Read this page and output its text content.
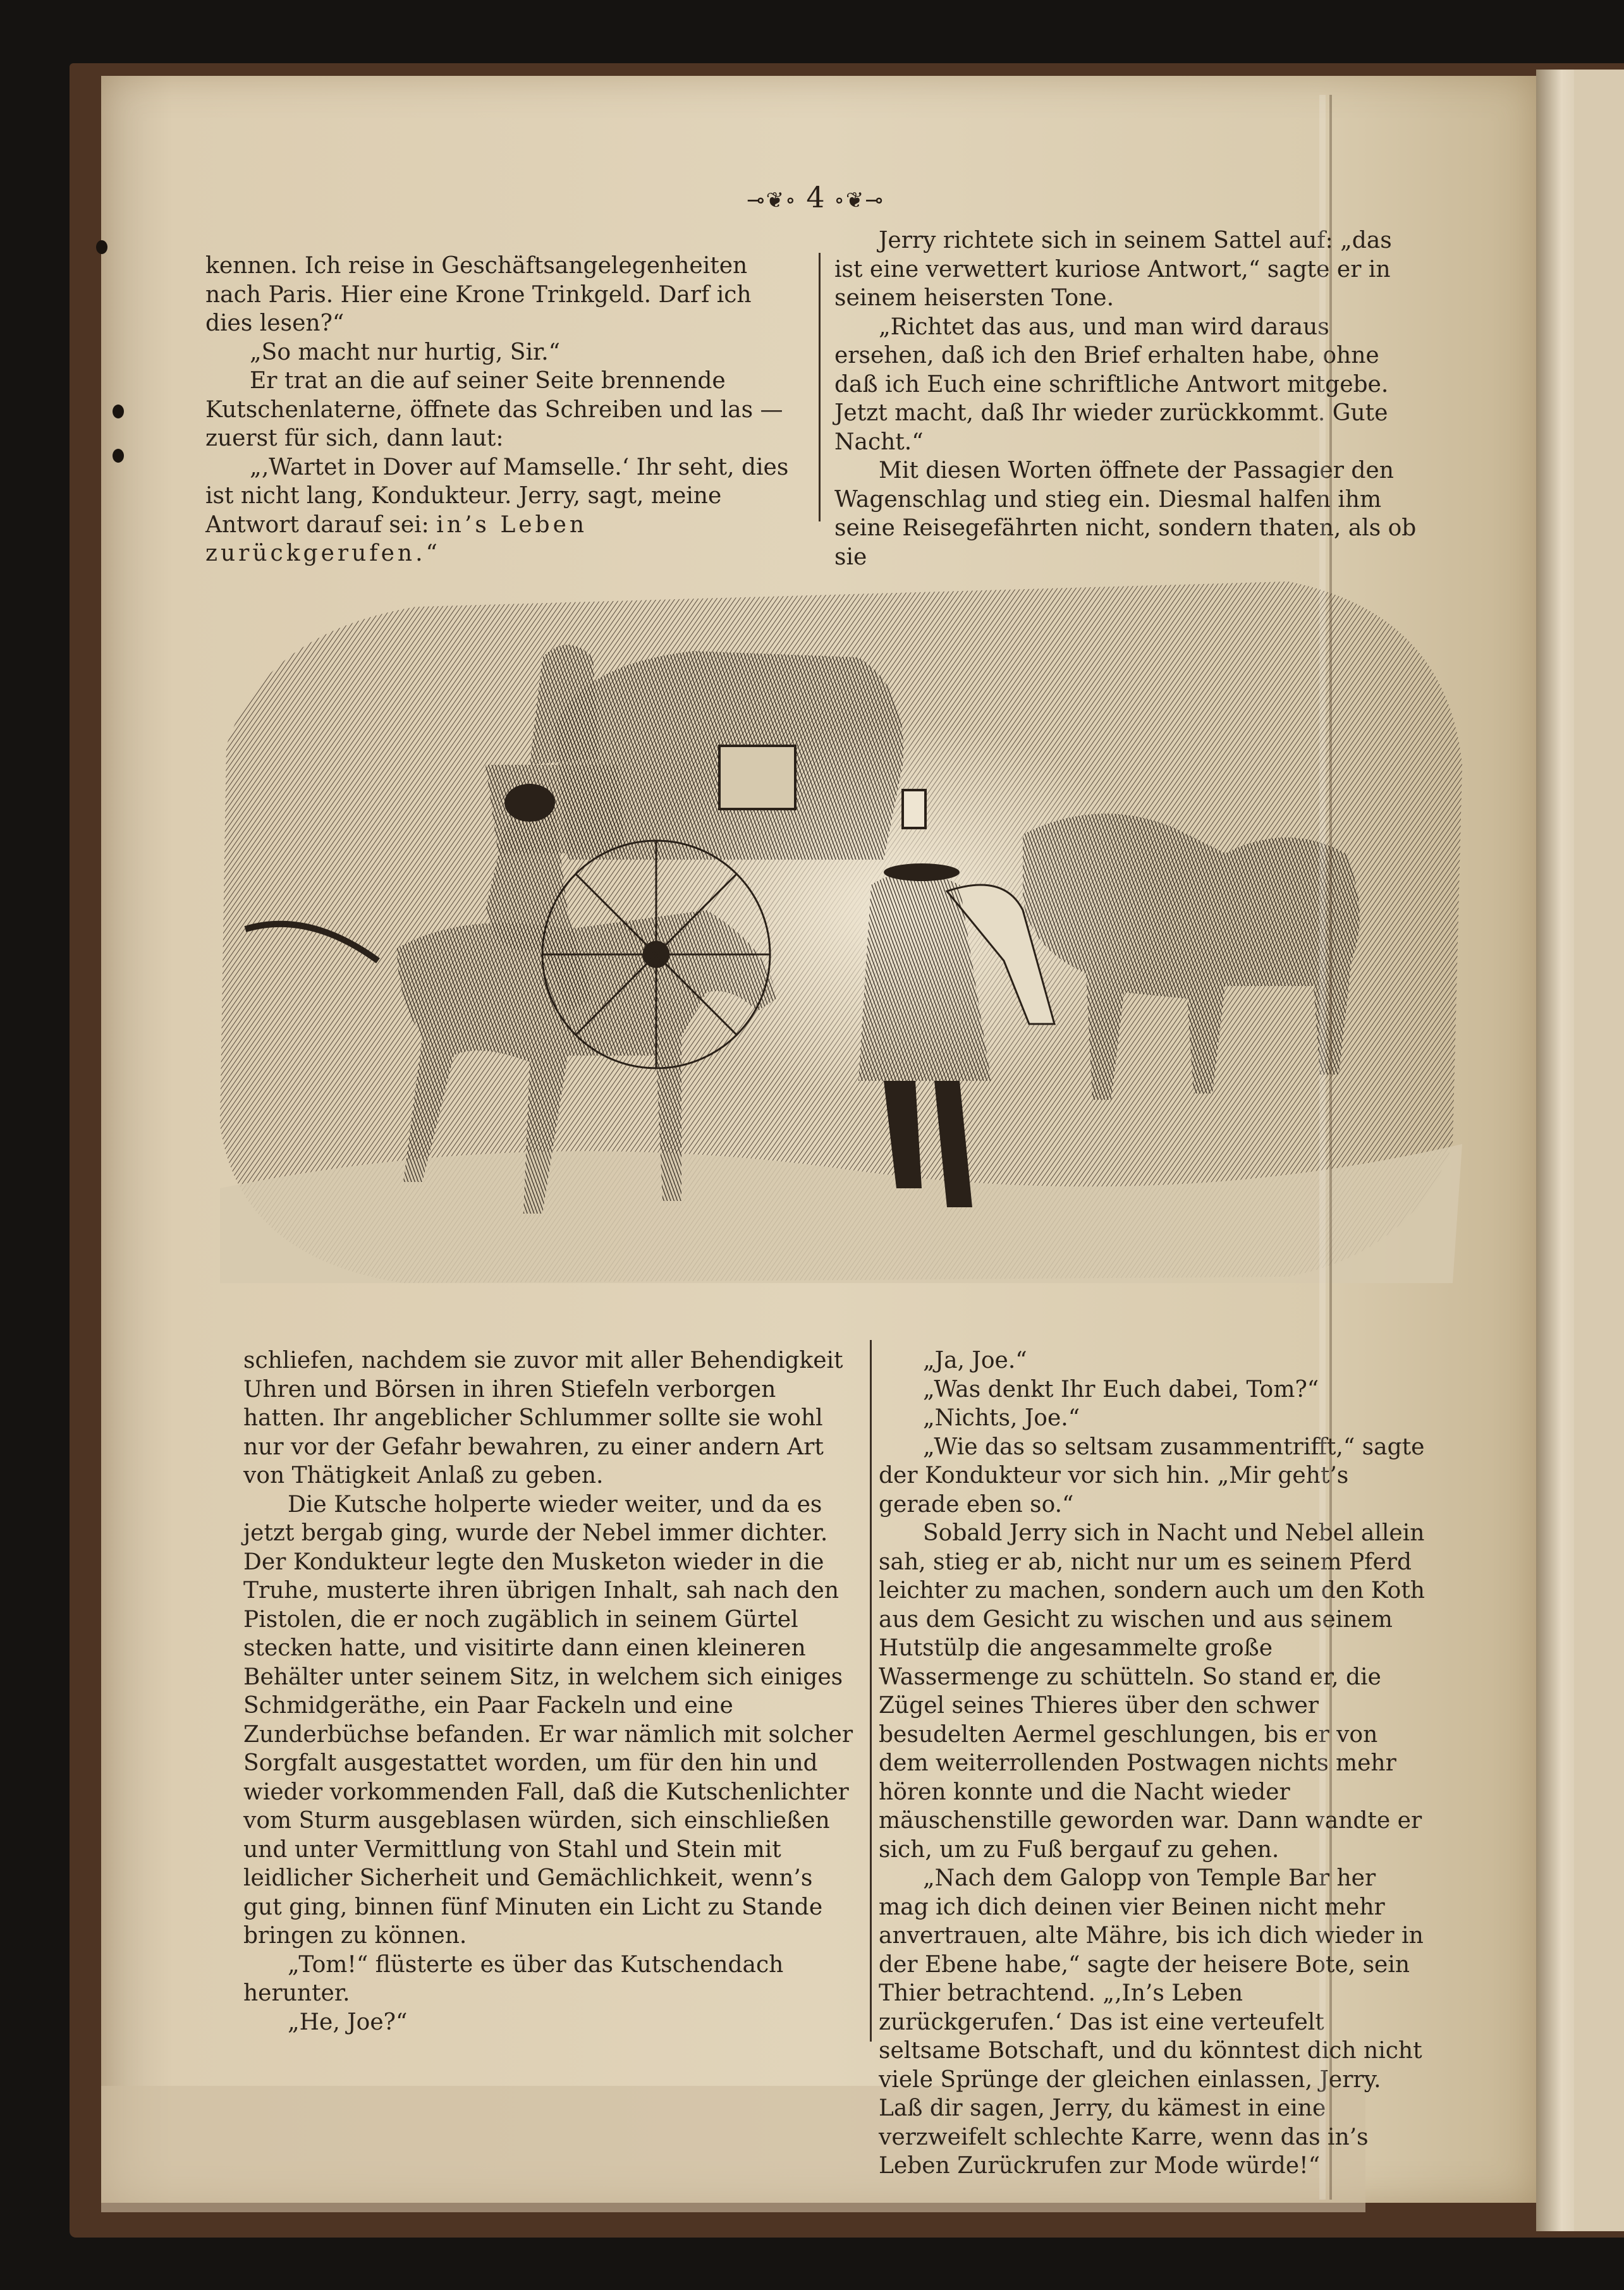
⊸❦∘ 4 ∘❦⊸

kennen. Ich reise in Geschäftsangelegenheiten nach Paris. Hier eine Krone Trinkgeld. Darf ich dies lesen?“

„So macht nur hurtig, Sir.“

Er trat an die auf seiner Seite brennende Kutschenlaterne, öffnete das Schreiben und las — zuerst für sich, dann laut:

„‚Wartet in Dover auf Mamselle.‘ Ihr seht, dies ist nicht lang, Kondukteur. Jerry, sagt, meine Antwort darauf sei: in’s Leben zurückgerufen.“

Jerry richtete sich in seinem Sattel auf: „das ist eine verwettert kuriose Antwort,“ sagte er in seinem heisersten Tone.

„Richtet das aus, und man wird daraus ersehen, daß ich den Brief erhalten habe, ohne daß ich Euch eine schriftliche Antwort mitgebe. Jetzt macht, daß Ihr wieder zurückkommt. Gute Nacht.“

Mit diesen Worten öffnete der Passagier den Wagenschlag und stieg ein. Diesmal halfen ihm seine Reisegefährten nicht, sondern thaten, als ob sie

schliefen, nachdem sie zuvor mit aller Behendigkeit Uhren und Börsen in ihren Stiefeln verborgen hatten. Ihr angeblicher Schlummer sollte sie wohl nur vor der Gefahr bewahren, zu einer andern Art von Thätigkeit Anlaß zu geben.

Die Kutsche holperte wieder weiter, und da es jetzt bergab ging, wurde der Nebel immer dichter. Der Kondukteur legte den Musketon wieder in die Truhe, musterte ihren übrigen Inhalt, sah nach den Pistolen, die er noch zugäblich in seinem Gürtel stecken hatte, und visitirte dann einen kleineren Behälter unter seinem Sitz, in welchem sich einiges Schmidgeräthe, ein Paar Fackeln und eine Zunderbüchse befanden. Er war nämlich mit solcher Sorgfalt ausgestattet worden, um für den hin und wieder vorkommenden Fall, daß die Kutschenlichter vom Sturm ausgeblasen würden, sich einschließen und unter Vermittlung von Stahl und Stein mit leidlicher Sicherheit und Gemächlichkeit, wenn’s gut ging, binnen fünf Minuten ein Licht zu Stande bringen zu können.

„Tom!“ flüsterte es über das Kutschendach herunter.

„He, Joe?“

„Ja, Joe.“

„Was denkt Ihr Euch dabei, Tom?“

„Nichts, Joe.“

„Wie das so seltsam zusammentrifft,“ sagte der Kondukteur vor sich hin. „Mir geht’s gerade eben so.“

Sobald Jerry sich in Nacht und Nebel allein sah, stieg er ab, nicht nur um es seinem Pferd leichter zu machen, sondern auch um den Koth aus dem Gesicht zu wischen und aus seinem Hutstülp die angesammelte große Wassermenge zu schütteln. So stand er, die Zügel seines Thieres über den schwer besudelten Aermel geschlungen, bis er von dem weiterrollenden Postwagen nichts mehr hören konnte und die Nacht wieder mäuschenstille geworden war. Dann wandte er sich, um zu Fuß bergauf zu gehen.

„Nach dem Galopp von Temple Bar her mag ich dich deinen vier Beinen nicht mehr anvertrauen, alte Mähre, bis ich dich wieder in der Ebene habe,“ sagte der heisere Bote, sein Thier betrachtend. „‚In’s Leben zurückgerufen.‘ Das ist eine verteufelt seltsame Botschaft, und du könntest dich nicht viele Sprünge der gleichen einlassen, Jerry. Laß dir sagen, Jerry, du kämest in eine verzweifelt schlechte Karre, wenn das in’s Leben Zurückrufen zur Mode würde!“
